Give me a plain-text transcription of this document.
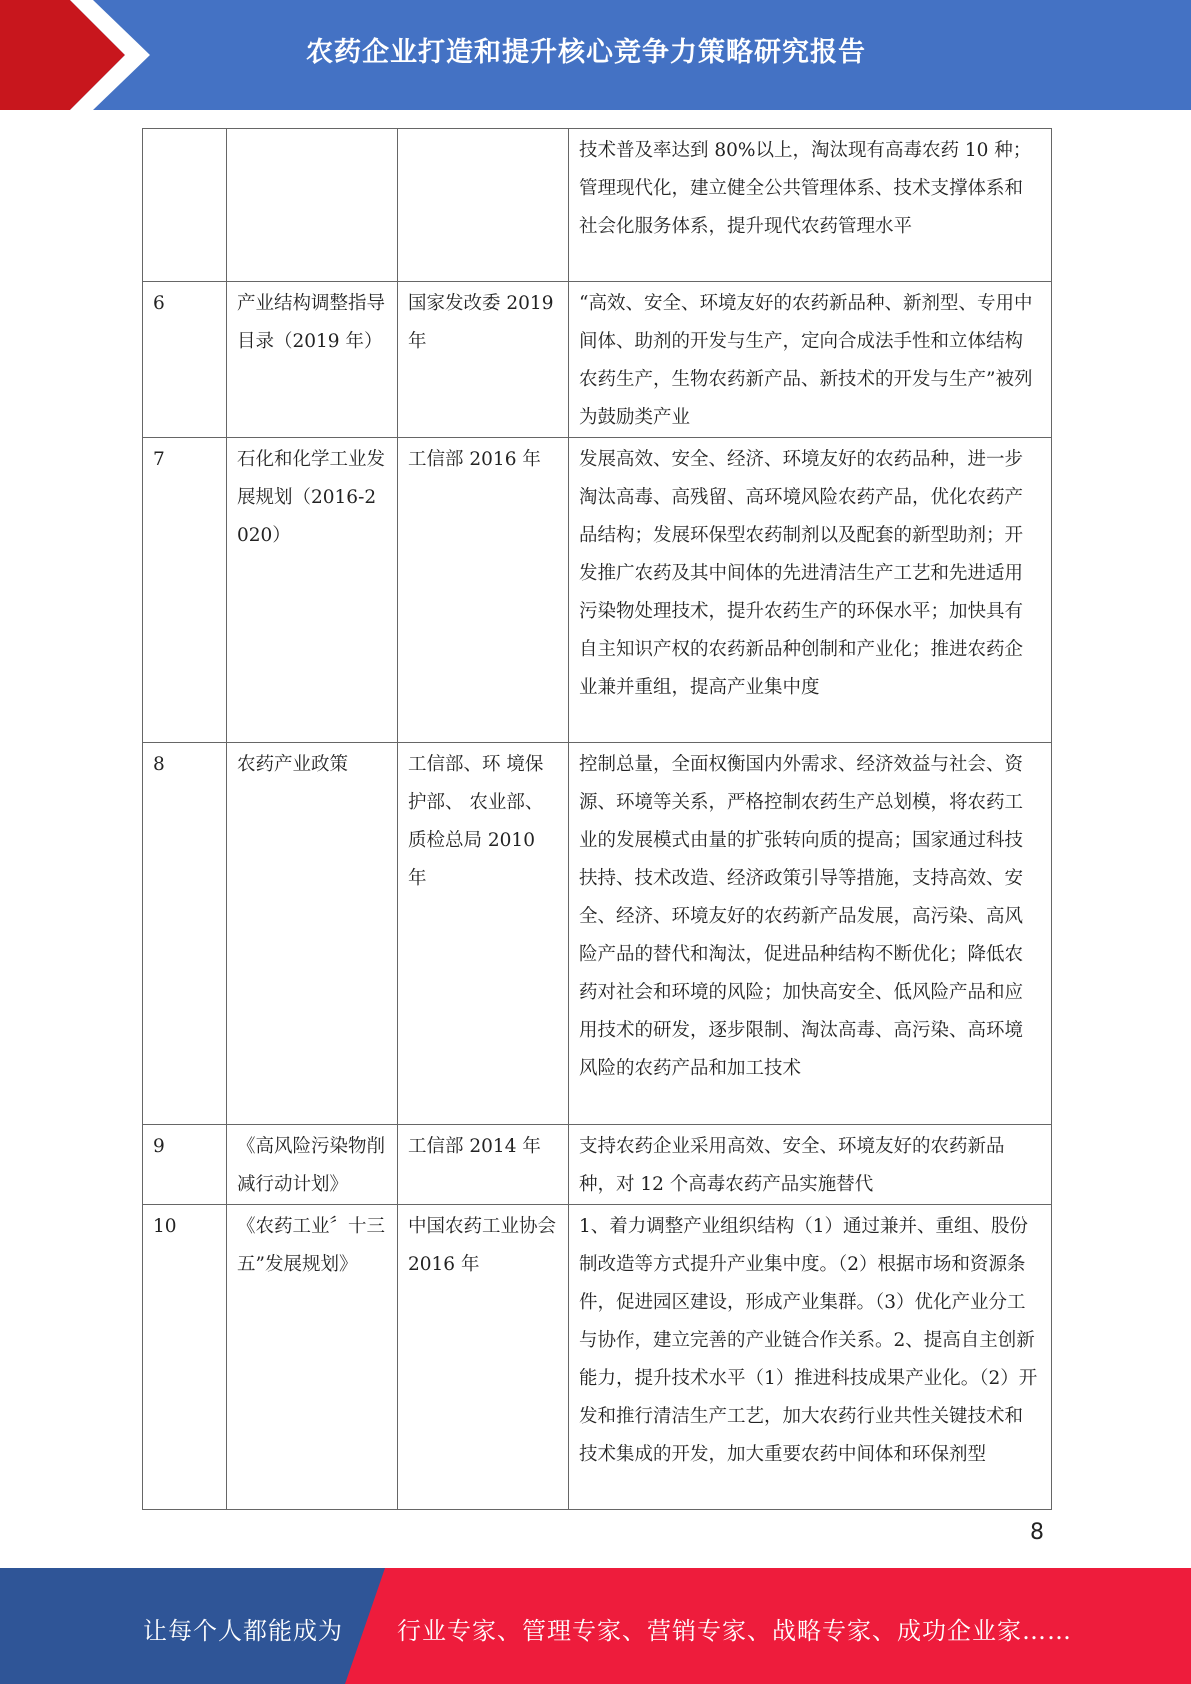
农药企业打造和提升核心竞争力策略研究报告
			技术普及率达到 80%以上，淘汰现有高毒农药 10 种；管理现代化，建立健全公共管理体系、技术支撑体系和社会化服务体系，提升现代农药管理水平
6	产业结构调整指导目录（2019 年）	国家发改委 2019 年	“高效、安全、环境友好的农药新品种、新剂型、专用中间体、助剂的开发与生产，定向合成法手性和立体结构农药生产，生物农药新产品、新技术的开发与生产”被列为鼓励类产业
7	石化和化学工业发展规划（2016-2020）	工信部 2016 年	发展高效、安全、经济、环境友好的农药品种，进一步淘汰高毒、高残留、高环境风险农药产品，优化农药产品结构；发展环保型农药制剂以及配套的新型助剂；开发推广农药及其中间体的先进清洁生产工艺和先进适用污染物处理技术，提升农药生产的环保水平；加快具有自主知识产权的农药新品种创制和产业化；推进农药企业兼并重组，提高产业集中度
8	农药产业政策	工信部、环 境保护部、 农业部、质检总局 2010 年	控制总量，全面权衡国内外需求、经济效益与社会、资源、环境等关系，严格控制农药生产总划模，将农药工业的发展模式由量的扩张转向质的提高；国家通过科技扶持、技术改造、经济政策引导等措施，支持高效、安全、经济、环境友好的农药新产品发展，高污染、高风险产品的替代和淘汰，促进品种结构不断优化；降低农药对社会和环境的风险；加快高安全、低风险产品和应用技术的研发，逐步限制、淘汰高毒、高污染、高环境风险的农药产品和加工技术
9	《高风险污染物削减行动计划》	工信部 2014 年	支持农药企业采用高效、安全、环境友好的农药新品种，对 12 个高毒农药产品实施替代
10	《农药工业〞十三五”发展规划》	中国农药工业协会 2016 年	1、着力调整产业组织结构（1）通过兼并、重组、股份制改造等方式提升产业集中度。（2）根据市场和资源条件，促进园区建设，形成产业集群。（3）优化产业分工与协作，建立完善的产业链合作关系。2、提高自主创新能力，提升技术水平（1）推进科技成果产业化。（2）开发和推行清洁生产工艺，加大农药行业共性关键技术和技术集成的开发，加大重要农药中间体和环保剂型
8
让每个人都能成为 行业专家、管理专家、营销专家、战略专家、成功企业家……
